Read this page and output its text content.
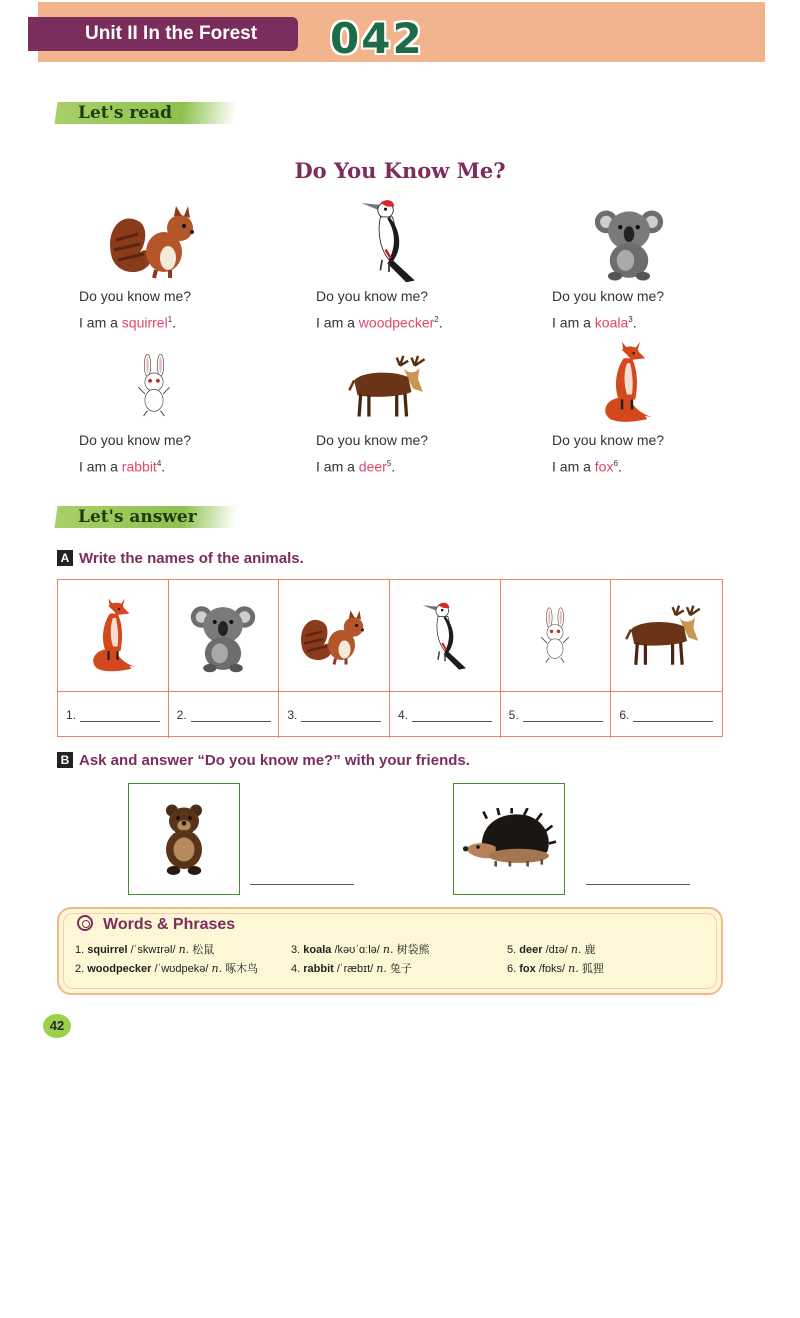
Unit II In the Forest	042
Let's read
Do You Know Me?
Do you know me?
I am a squirrel$^1$.
Do you know me?
I am a woodpecker$^2$.
Do you know me?
I am a koala$^3$.
Do you know me?
I am a rabbit$^4$.
Do you know me?
I am a deer$^5$.
Do you know me?
I am a fox$^6$.
Let's answer
A Write the names of the animals.
1.	2.	3.	4.	5.	6.
B Ask and answer “Do you know me?” with your friends.
Words & Phrases
1. squirrel /ˈskwɪrəl/ n. 松鼠
2. woodpecker /ˈwʊdpekə/ n. 啄木鸟
3. koala /kəʊˈɑːlə/ n. 树袋熊
4. rabbit /ˈræbɪt/ n. 兔子
5. deer /dɪə/ n. 鹿
6. fox /fɒks/ n. 狐狸
42
